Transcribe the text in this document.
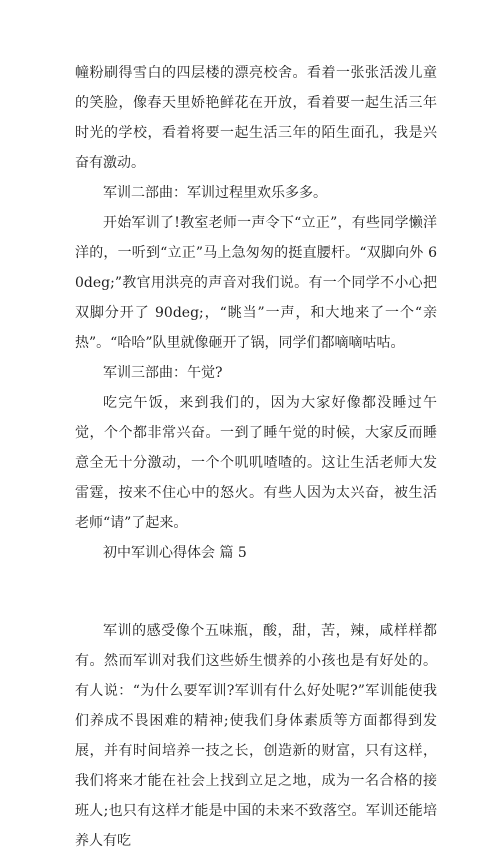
幢粉刷得雪白的四层楼的漂亮校舍。看着一张张活泼儿童的笑脸，像春天里娇艳鲜花在开放，看着要一起生活三年时光的学校，看着将要一起生活三年的陌生面孔，我是兴奋有激动。

军训二部曲：军训过程里欢乐多多。

开始军训了!教室老师一声令下“立正”，有些同学懒洋洋的，一听到“立正”马上急匆匆的挺直腰杆。“双脚向外 60deg;”教官用洪亮的声音对我们说。有一个同学不小心把双脚分开了 90deg;，“眺当”一声，和大地来了一个“亲热”。“哈哈”队里就像砸开了锅，同学们都嘀嘀咕咕。

军训三部曲：午觉?

吃完午饭，来到我们的，因为大家好像都没睡过午觉，个个都非常兴奋。一到了睡午觉的时候，大家反而睡意全无十分激动，一个个叽叽喳喳的。这让生活老师大发雷霆，按来不住心中的怒火。有些人因为太兴奋，被生活老师“请”了起来。

初中军训心得体会 篇 5

军训的感受像个五味瓶，酸，甜，苦，辣，咸样样都有。然而军训对我们这些娇生惯养的小孩也是有好处的。有人说：“为什么要军训?军训有什么好处呢?”军训能使我们养成不畏困难的精神;使我们身体素质等方面都得到发展，并有时间培养一技之长，创造新的财富，只有这样，我们将来才能在社会上找到立足之地，成为一名合格的接班人;也只有这样才能是中国的未来不致落空。军训还能培养人有吃
